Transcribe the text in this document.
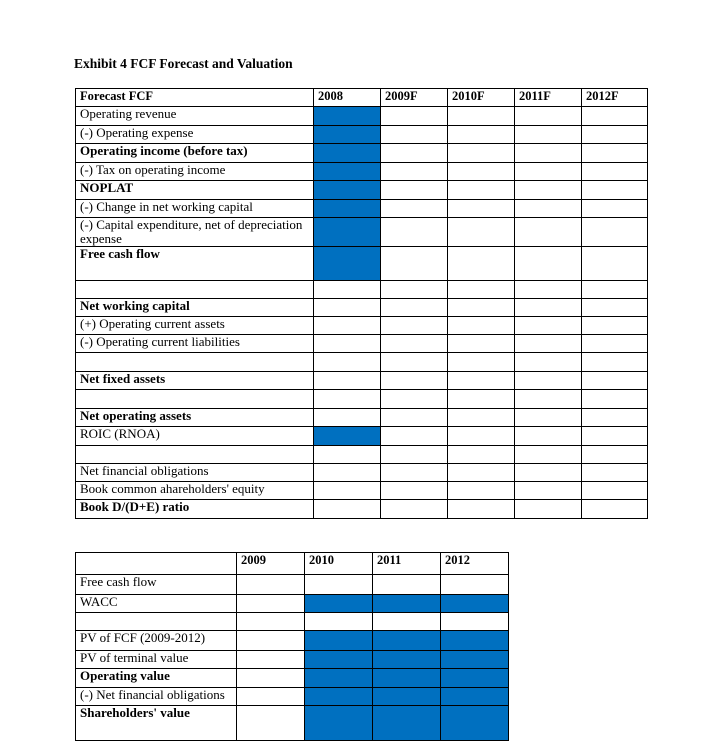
Exhibit 4 FCF Forecast and Valuation
Forecast FCF	2008	2009F	2010F	2011F	2012F
Operating revenue					
(-) Operating expense					
Operating income (before tax)					
(-) Tax on operating income					
NOPLAT					
(-) Change in net working capital					
(-) Capital expenditure, net of depreciation expense					
Free cash flow					

Net working capital					
(+) Operating current assets					
(-) Operating current liabilities					

Net fixed assets					

Net operating assets					
ROIC (RNOA)					

Net financial obligations					
Book common ahareholders' equity					
Book D/(D+E) ratio					
	2009	2010	2011	2012
Free cash flow				
WACC				

PV of FCF (2009-2012)				
PV of terminal value				
Operating value				
(-) Net financial obligations				
Shareholders' value				
